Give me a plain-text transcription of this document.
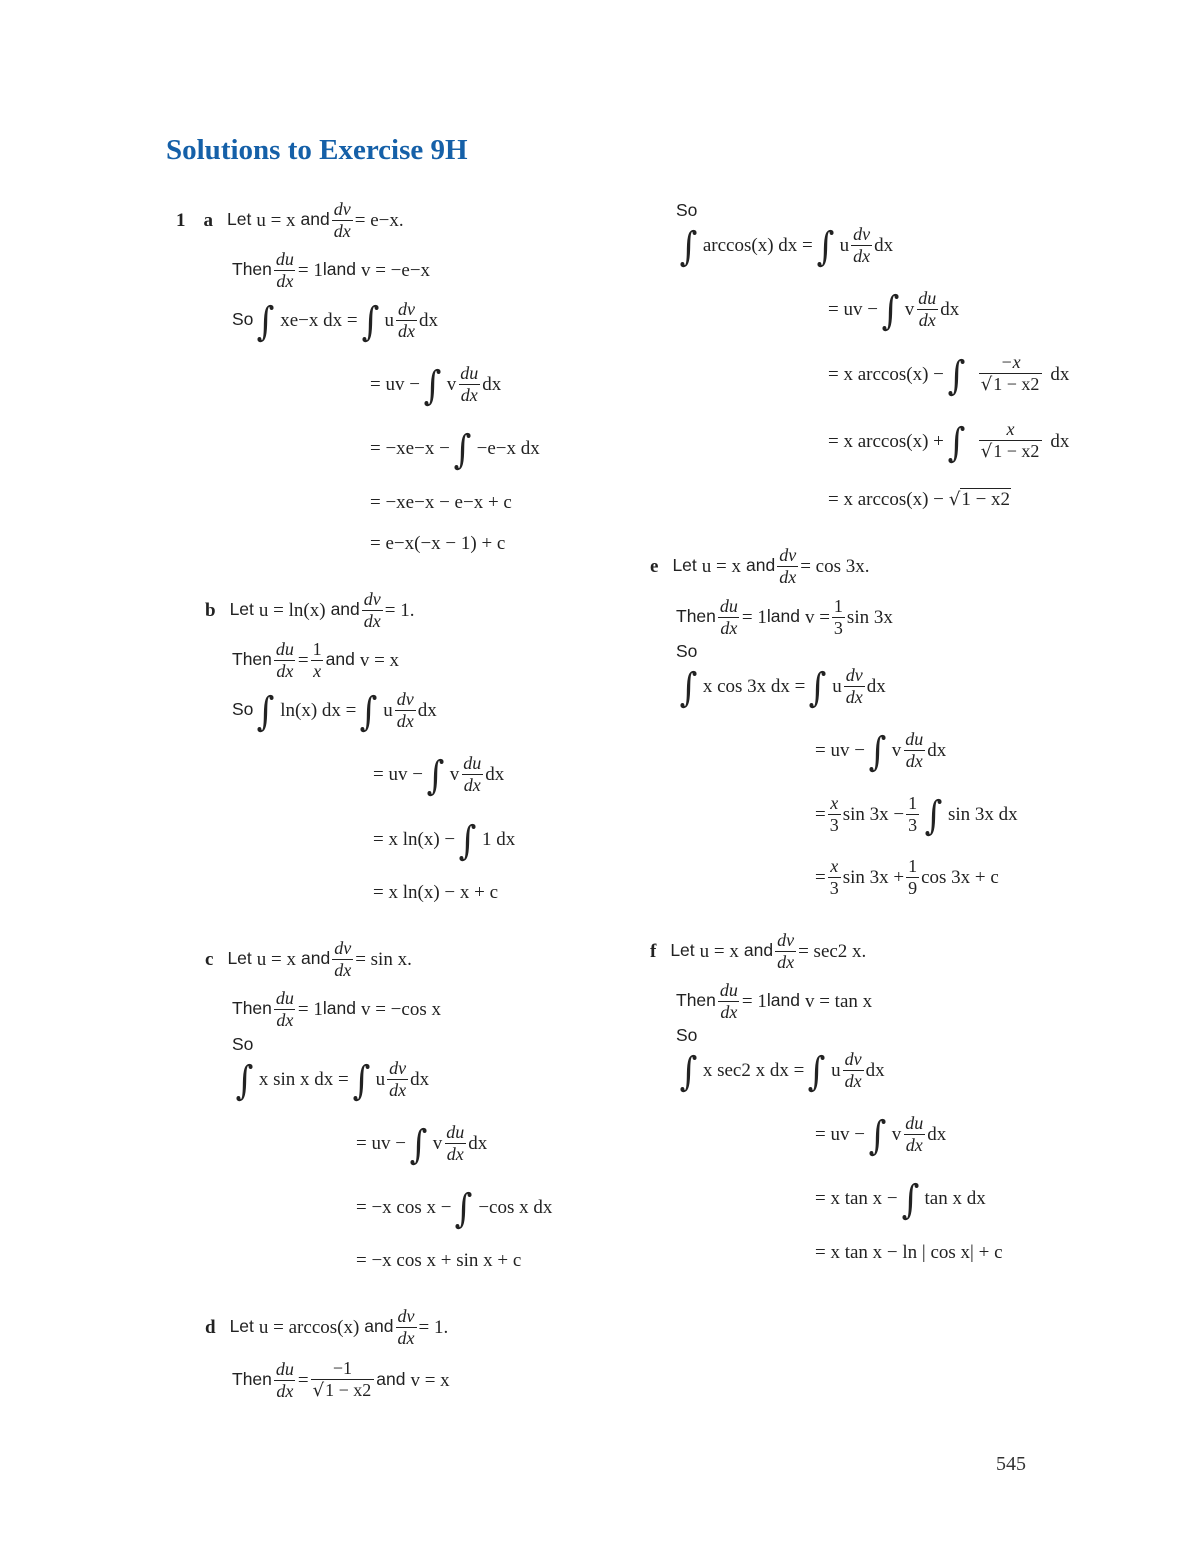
Solutions to Exercise 9H
1 a Let u = x and $\frac{dv}{dx} = e-x$.
Then $\frac{du}{dx} = 1$ land v = −e−x
So ∫ xe−x dx = ∫ u $\frac{dv}{dx}$ dx
= uv − ∫ v $\frac{du}{dx}$ dx
= −xe−x − ∫ −e−x dx
= −xe−x − e−x + c
= e−x(−x − 1) + c
b Let u = ln(x) and $\frac{dv}{dx} = 1$.
Then $\frac{du}{dx} = \frac{1}{x}$ and v = x
So ∫ ln(x) dx = ∫ u $\frac{dv}{dx}$ dx
= uv − ∫ v $\frac{du}{dx}$ dx
= x ln(x) − ∫ 1 dx
= x ln(x) − x + c
c Let u = x and $\frac{dv}{dx} = \sin x$.
Then $\frac{du}{dx} = 1$ land v = −cos x
So
∫ x sin x dx = ∫ u $\frac{dv}{dx}$ dx
= uv − ∫ v $\frac{du}{dx}$ dx
= −x cos x − ∫ −cos x dx
= −x cos x + sin x + c
d Let u = arccos(x) and $\frac{dv}{dx} = 1$.
Then $\frac{du}{dx} = \frac{-1}{√1 - x2}$ and v = x
So
∫ arccos(x) dx = ∫ u $\frac{dv}{dx}$ dx
= uv − ∫ v $\frac{du}{dx}$ dx
= x arccos(x) − ∫ $\frac{-x}{√1 - x2}$ dx
= x arccos(x) + ∫ $\frac{x}{√1 - x2}$ dx
= x arccos(x) − √1 − x2
e Let u = x and $\frac{dv}{dx} = \cos 3x$.
Then $\frac{du}{dx} = 1$ land $v = \frac{1}{3}$ sin 3x
So
∫ x cos 3x dx = ∫ u $\frac{dv}{dx}$ dx
= uv − ∫ v $\frac{du}{dx}$ dx
= $\frac{x}{3}$ $\sin 3x - \frac{1}{3}$ ∫ sin 3x dx
= $\frac{x}{3}$ $\sin 3x + \frac{1}{9}$ cos 3x + c
f Let u = x and $\frac{dv}{dx} = \sec 2$ x.
Then $\frac{du}{dx} = 1$ land v = tan x
So
∫ x sec2 x dx = ∫ u $\frac{dv}{dx}$ dx
= uv − ∫ v $\frac{du}{dx}$ dx
= x tan x − ∫ tan x dx
= x tan x − ln | cos x| + c
545
